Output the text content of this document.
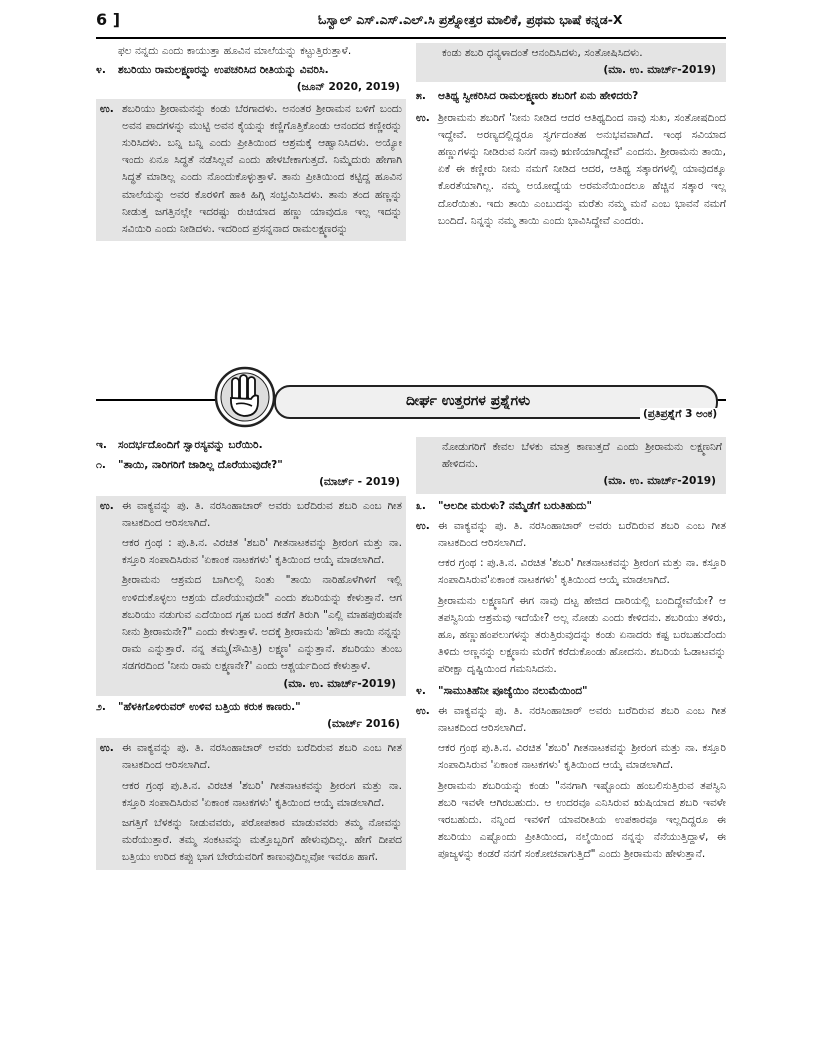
6 ]	ಓಸ್ವಾಲ್ ಎಸ್.ಎಸ್.ಎಲ್.ಸಿ ಪ್ರಶ್ನೋತ್ತರ ಮಾಲಿಕೆ, ಪ್ರಥಮ ಭಾಷೆ ಕನ್ನಡ-X

ಫಲ ನನ್ನದು ಎಂದು ಕಾಯುತ್ತಾ ಹೂವಿನ ಮಾಲೆಯನ್ನು ಕಟ್ಟುತ್ತಿರುತ್ತಾಳೆ.

೪.	ಶಬರಿಯು ರಾಮಲಕ್ಷ್ಮಣರನ್ನು ಉಪಚರಿಸಿದ ರೀತಿಯನ್ನು ವಿವರಿಸಿ.

(ಜೂನ್ 2020, 2019)
ಉ. ಶಬರಿಯು ಶ್ರೀರಾಮನನ್ನು ಕಂಡು ಬೆರಗಾದಳು. ಅನಂತರ ಶ್ರೀರಾಮನ ಬಳಿಗೆ ಬಂದು ಅವನ ಪಾದಗಳನ್ನು ಮುಟ್ಟಿ ಅವನ ಕೈಯನ್ನು ಕಣ್ಣಿಗೊತ್ತಿಕೊಂಡು ಆನಂದದ ಕಣ್ಣೀರನ್ನು ಸುರಿಸಿದಳು. ಬನ್ನಿ ಬನ್ನಿ ಎಂದು ಪ್ರೀತಿಯಿಂದ ಆಶ್ರಮಕ್ಕೆ ಆಹ್ವಾನಿಸಿದಳು. ಅಯ್ಯೋ ಇಂದು ಏನೂ ಸಿದ್ಧತೆ ನಡೆಸಿಲ್ಲವೆ ಎಂದು ಹೇಳಬೇಕಾಗುತ್ತದೆ. ನಿಮ್ಮೆದುರು ಹೇಗಾಗಿ ಸಿದ್ಧತೆ ಮಾಡಿಲ್ಲ ಎಂದು ನೊಂದುಕೊಳ್ಳುತ್ತಾಳೆ. ತಾನು ಪ್ರೀತಿಯಿಂದ ಕಟ್ಟಿದ್ದ ಹೂವಿನ ಮಾಲೆಯನ್ನು ಅವರ ಕೊರಳಿಗೆ ಹಾಕಿ ಹಿಗ್ಗಿ ಸಂಭ್ರಮಿಸಿದಳು. ತಾನು ತಂದ ಹಣ್ಣನ್ನು ನೀಡುತ್ತ ಜಗತ್ತಿನಲ್ಲೇ ಇದರಷ್ಟು ರುಚಿಯಾದ ಹಣ್ಣು ಯಾವುದೂ ಇಲ್ಲ ಇದನ್ನು ಸವಿಯಿರಿ ಎಂದು ನೀಡಿದಳು. ಇದರಿಂದ ಪ್ರಸನ್ನನಾದ ರಾಮಲಕ್ಷ್ಮಣರನ್ನು

ಕಂಡು ಶಬರಿ ಧನ್ಯಳಾದಂತೆ ಆನಂದಿಸಿದಳು, ಸಂತೋಷಿಸಿದಳು.

(ಮಾ. ಉ. ಮಾರ್ಚ್-2019)
೫.	ಆತಿಥ್ಯ ಸ್ವೀಕರಿಸಿದ ರಾಮಲಕ್ಷ್ಮಣರು ಶಬರಿಗೆ ಏನು ಹೇಳಿದರು?

ಉ. ಶ್ರೀರಾಮನು ಶಬರಿಗೆ 'ನೀನು ನೀಡಿದ ಆದರ ಆತಿಥ್ಯದಿಂದ ನಾವು ಸುಖ, ಸಂತೋಷದಿಂದ ಇದ್ದೇವೆ. ಅರಣ್ಯದಲ್ಲಿದ್ದರೂ ಸ್ವರ್ಗದಂತಹ ಅನುಭವವಾಗಿದೆ. ಇಂಥ ಸವಿಯಾದ ಹಣ್ಣುಗಳನ್ನು ನೀಡಿರುವ ನಿನಗೆ ನಾವು ಋಣಿಯಾಗಿದ್ದೇವೆ' ಎಂದನು. ಶ್ರೀರಾಮನು ತಾಯಿ, ಏಕೆ ಈ ಕಣ್ಣೀರು ನೀನು ನಮಗೆ ನೀಡಿದ ಆದರ, ಆತಿಥ್ಯ ಸತ್ಕಾರಗಳಲ್ಲಿ ಯಾವುದಕ್ಕೂ ಕೊರತೆಯಾಗಿಲ್ಲ. ನಮ್ಮ ಅಯೋಧ್ಯೆಯ ಅರಮನೆಯಿಂದಲೂ ಹೆಚ್ಚಿನ ಸತ್ಕಾರ ಇಲ್ಲ ದೊರೆಯಿತು. ಇದು ತಾಯಿ ಎಂಬುದನ್ನು ಮರೆತು ನಮ್ಮ ಮನೆ ಎಂಬ ಭಾವನೆ ನಮಗೆ ಬಂದಿದೆ. ನಿನ್ನನ್ನು ನಮ್ಮ ತಾಯಿ ಎಂದು ಭಾವಿಸಿದ್ದೇವೆ ಎಂದರು.

ದೀರ್ಘ ಉತ್ತರಗಳ ಪ್ರಶ್ನೆಗಳು
(ಪ್ರತಿಪ್ರಶ್ನೆಗೆ 3 ಅಂಕ)
ಇ.	ಸಂದರ್ಭದೊಂದಿಗೆ ಸ್ವಾರಸ್ಯವನ್ನು ಬರೆಯಿರಿ.

೧.	"ತಾಯಿ, ನಾರಿಗರಿಗೆ ಜಾಡಿಲ್ಲ ದೊರೆಯುವುದೇ?"

(ಮಾರ್ಚ್ - 2019)
ಉ. ಈ ವಾಕ್ಯವನ್ನು ಪು. ತಿ. ನರಸಿಂಹಾಚಾರ್ ಅವರು ಬರೆದಿರುವ ಶಬರಿ ಎಂಬ ಗೀತ ನಾಟಕದಿಂದ ಆರಿಸಲಾಗಿದೆ.

ಆಕರ ಗ್ರಂಥ : ಪು.ತಿ.ನ. ವಿರಚಿತ 'ಶಬರಿ' ಗೀತನಾಟಕವನ್ನು ಶ್ರೀರಂಗ ಮತ್ತು ನಾ. ಕಸ್ತೂರಿ ಸಂಪಾದಿಸಿರುವ 'ಏಕಾಂಕ ನಾಟಕಗಳು' ಕೃತಿಯಿಂದ ಆಯ್ಕೆ ಮಾಡಲಾಗಿದೆ.

ಶ್ರೀರಾಮನು ಆಶ್ರಮದ ಬಾಗಿಲಲ್ಲಿ ನಿಂತು "ತಾಯಿ ನಾರಿಹೊಳೆಗಿಳಿಗೆ ಇಲ್ಲಿ ಉಳಿದುಕೊಳ್ಳಲು ಆಶ್ರಯ ದೊರೆಯುವುದೇ" ಎಂದು ಶಬರಿಯನ್ನು ಕೇಳುತ್ತಾನೆ. ಆಗ ಶಬರಿಯು ನಡುಗುವ ಎದೆಯಿಂದ ಗೃಹ ಬಂದ ಕಡೆಗೆ ತಿರುಗಿ "ಎಲ್ಲಿ ಮಾಹಪುರುಷನೇ ನೀನು ಶ್ರೀರಾಮನೇ?" ಎಂದು ಕೇಳುತ್ತಾಳೆ. ಅದಕ್ಕೆ ಶ್ರೀರಾಮನು 'ಹೌದು ತಾಯಿ ನನ್ನನ್ನು ರಾಮ ಎನ್ನುತ್ತಾರೆ. ನನ್ನ ತಮ್ಮ(ಸೌಮಿತ್ರಿ) ಲಕ್ಷ್ಮಣ' ಎನ್ನುತ್ತಾನೆ. ಶಬರಿಯು ತುಂಬ ಸಡಗರದಿಂದ 'ನೀನು ರಾಮ ಲಕ್ಷ್ಮಣನೇ?' ಎಂದು ಆಶ್ಚರ್ಯದಿಂದ ಕೇಳುತ್ತಾಳೆ.

(ಮಾ. ಉ. ಮಾರ್ಚ್-2019)
೨.	"ಹೆಳಕಿಗೊಳಿರುವರ್ ಉಳಿವ ಬತ್ತಿಯ ಕರುಕ ಕಾಣರು."

(ಮಾರ್ಚ್ 2016)
ಉ. ಈ ವಾಕ್ಯವನ್ನು ಪು. ತಿ. ನರಸಿಂಹಾಚಾರ್ ಅವರು ಬರೆದಿರುವ ಶಬರಿ ಎಂಬ ಗೀತ ನಾಟಕದಿಂದ ಆರಿಸಲಾಗಿದೆ.

ಆಕರ ಗ್ರಂಥ ಪು.ತಿ.ನ. ವಿರಚಿತ 'ಶಬರಿ' ಗೀತನಾಟಕವನ್ನು ಶ್ರೀರಂಗ ಮತ್ತು ನಾ. ಕಸ್ತೂರಿ ಸಂಪಾದಿಸಿರುವ 'ಏಕಾಂಕ ನಾಟಕಗಳು' ಕೃತಿಯಿಂದ ಆಯ್ಕೆ ಮಾಡಲಾಗಿದೆ.

ಜಗತ್ತಿಗೆ ಬೆಳಕನ್ನು ನೀಡುವವರು, ಪರೋಪಕಾರ ಮಾಡುವವರು ತಮ್ಮ ನೋವನ್ನು ಮರೆಯುತ್ತಾರೆ. ತಮ್ಮ ಸಂಕಟವನ್ನು ಮತ್ತೊಬ್ಬರಿಗೆ ಹೇಳುವುದಿಲ್ಲ. ಹೇಗೆ ದೀಪದ ಬತ್ತಿಯು ಉರಿದ ಕಪ್ಪು ಭಾಗ ಬೇರೆಯವರಿಗೆ ಕಾಣುವುದಿಲ್ಲವೋ ಇವರೂ ಹಾಗೆ.

ನೋಡುಗರಿಗೆ ಕೇವಲ ಬೆಳಕು ಮಾತ್ರ ಕಾಣುತ್ತದೆ ಎಂದು ಶ್ರೀರಾಮನು ಲಕ್ಷ್ಮಣನಿಗೆ ಹೇಳಿದನು.

(ಮಾ. ಉ. ಮಾರ್ಚ್-2019)
೩.	"ಆಲದೀ ಮರುಳು? ನಮ್ಮೆಡೆಗೆ ಬರುತಿಹುದು"

ಉ. ಈ ವಾಕ್ಯವನ್ನು ಪು. ತಿ. ನರಸಿಂಹಾಚಾರ್ ಅವರು ಬರೆದಿರುವ ಶಬರಿ ಎಂಬ ಗೀತ ನಾಟಕದಿಂದ ಆರಿಸಲಾಗಿದೆ.

ಆಕರ ಗ್ರಂಥ : ಪು.ತಿ.ನ. ವಿರಚಿತ 'ಶಬರಿ' ಗೀತನಾಟಕವನ್ನು ಶ್ರೀರಂಗ ಮತ್ತು ನಾ. ಕಸ್ತೂರಿ ಸಂಪಾದಿಸಿರುವ'ಏಕಾಂಕ ನಾಟಕಗಳು' ಕೃತಿಯಿಂದ ಆಯ್ಕೆ ಮಾಡಲಾಗಿದೆ.

ಶ್ರೀರಾಮನು ಲಕ್ಷ್ಮಣನಿಗೆ ಈಗ ನಾವು ದಟ್ಟ ಹೇಜಿದ ದಾರಿಯಲ್ಲಿ ಬಂದಿದ್ದೇವೆಯೇ? ಆ ತಪಸ್ವಿನಿಯ ಆಶ್ರಮವು ಇದೆಯೇ? ಅಲ್ಲ ನೋಡು ಎಂದು ಕೇಳಿದನು. ಶಬರಿಯು ತಳಿರು, ಹೂ, ಹಣ್ಣುಹಂಪಲುಗಳನ್ನು ತರುತ್ತಿರುವುದನ್ನು ಕಂಡು ಏನಾದರು ಕಷ್ಟ ಬರಬಹುದೆಂದು ತಿಳಿದು ಅಣ್ಣನನ್ನು ಲಕ್ಷ್ಮಣನು ಮರೆಗೆ ಕರೆದುಕೊಂಡು ಹೋದನು. ಶಬರಿಯ ಓಡಾಟವನ್ನು ಪರೀಕ್ಷಾ ದೃಷ್ಟಿಯಿಂದ ಗಮನಿಸಿದನು.

೪.	"ಸಾಮುತಿಹೆನೀ ಪೂಜ್ಯೆಯಿಂ ನಲುಮೆಯಿಂದ"

ಉ. ಈ ವಾಕ್ಯವನ್ನು ಪು. ತಿ. ನರಸಿಂಹಾಚಾರ್ ಅವರು ಬರೆದಿರುವ ಶಬರಿ ಎಂಬ ಗೀತ ನಾಟಕದಿಂದ ಆರಿಸಲಾಗಿದೆ.

ಆಕರ ಗ್ರಂಥ ಪು.ತಿ.ನ. ವಿರಚಿತ 'ಶಬರಿ' ಗೀತನಾಟಕವನ್ನು ಶ್ರೀರಂಗ ಮತ್ತು ನಾ. ಕಸ್ತೂರಿ ಸಂಪಾದಿಸಿರುವ 'ಏಕಾಂಕ ನಾಟಕಗಳು' ಕೃತಿಯಿಂದ ಆಯ್ಕೆ ಮಾಡಲಾಗಿದೆ.

ಶ್ರೀರಾಮನು ಶಬರಿಯನ್ನು ಕಂಡು "ನನಗಾಗಿ ಇಷ್ಟೊಂದು ಹಂಬಲಿಸುತ್ತಿರುವ ತಪಸ್ವಿನಿ ಶಬರಿ ಇವಳೇ ಆಗಿರಬಹುದು. ಆ ಉದರವೂ ಎನಿಸಿರುವ ಋಷಿಯಾದ ಶಬರಿ ಇವಳೇ ಇರಬಹುದು. ನನ್ನಿಂದ ಇವಳಿಗೆ ಯಾವರೀತಿಯ ಉಪಕಾರವೂ ಇಲ್ಲದಿದ್ದರೂ ಈ ಶಬರಿಯು ಎಷ್ಟೊಂದು ಪ್ರೀತಿಯಿಂದ, ನಲ್ಮೆಯಿಂದ ನನ್ನನ್ನು ನೆನೆಯುತ್ತಿದ್ದಾಳೆ, ಈ ಪೂಜ್ಯಳನ್ನು ಕಂಡರೆ ನನಗೆ ಸಂಕೋಚವಾಗುತ್ತಿದೆ" ಎಂದು ಶ್ರೀರಾಮನು ಹೇಳುತ್ತಾನೆ.
